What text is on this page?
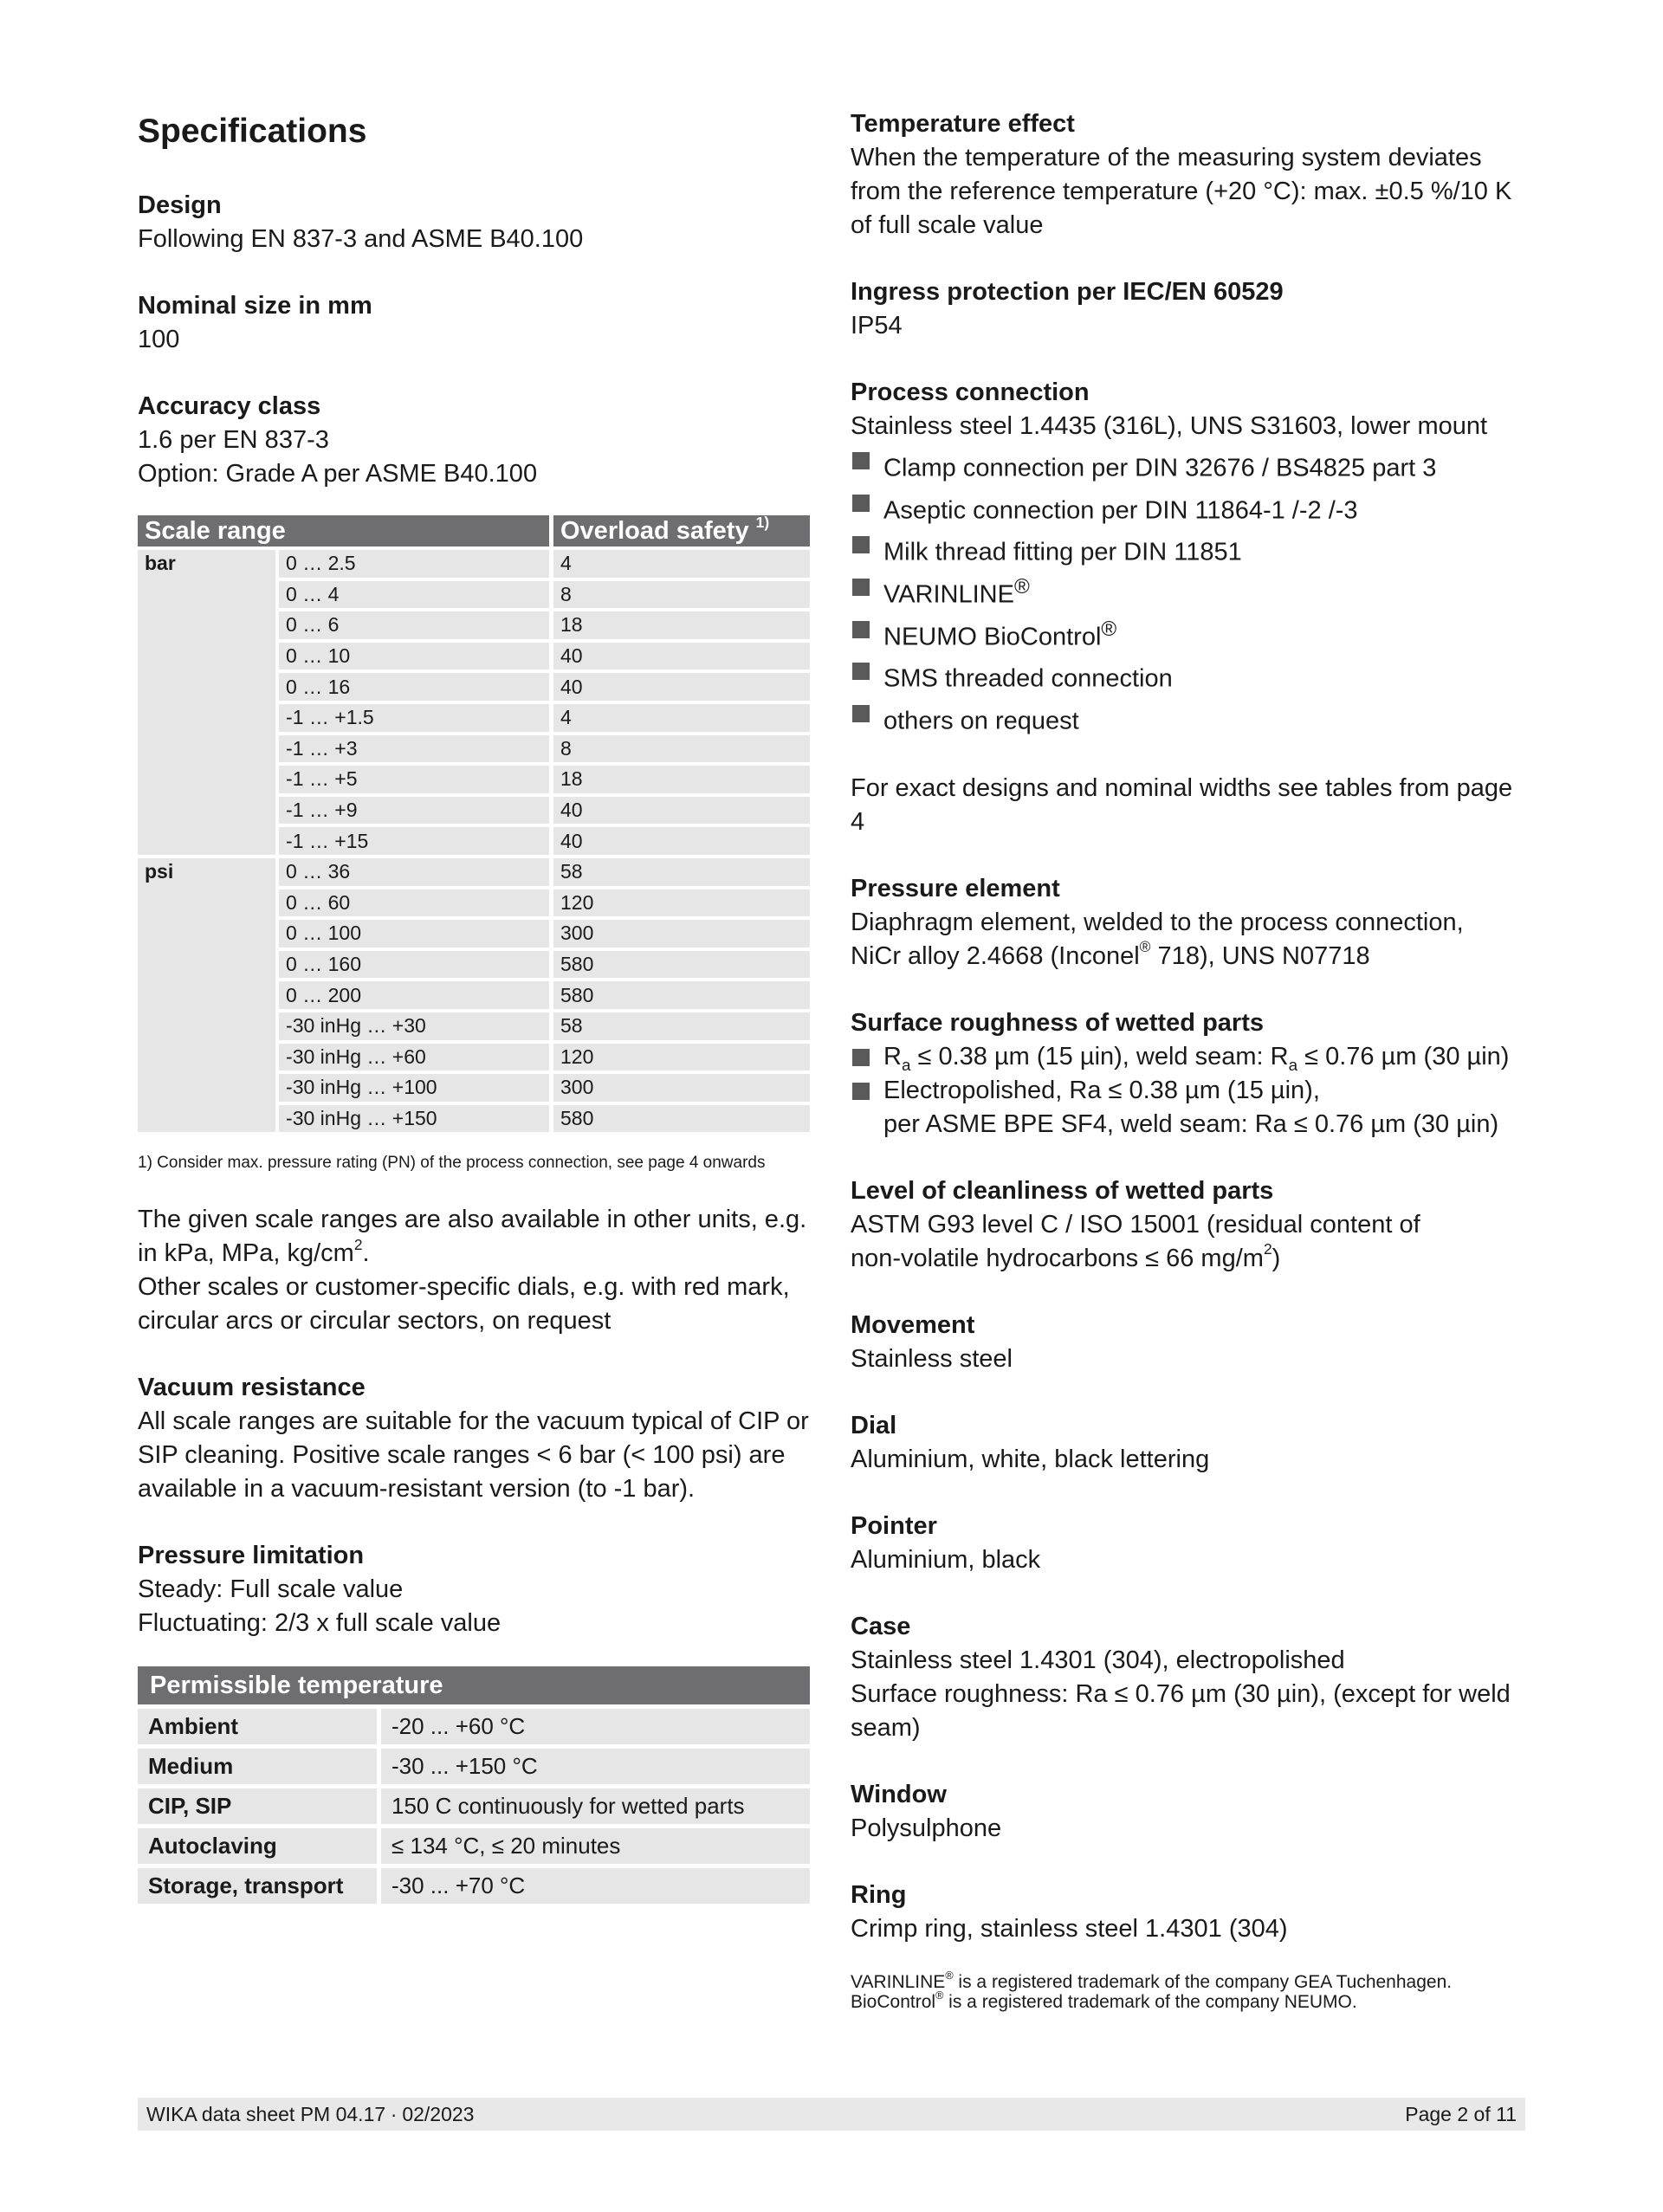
Specifications
Design
Following EN 837-3 and ASME B40.100
Nominal size in mm
100
Accuracy class
1.6 per EN 837-3
Option: Grade A per ASME B40.100
Scale range		Overload safety $^{1)}$
bar	0 … 2.5	4
	0 … 4	8
	0 … 6	18
	0 … 10	40
	0 … 16	40
	-1 … +1.5	4
	-1 … +3	8
	-1 … +5	18
	-1 … +9	40
	-1 … +15	40
psi	0 … 36	58
	0 … 60	120
	0 … 100	300
	0 … 160	580
	0 … 200	580
	-30 inHg … +30	58
	-30 inHg … +60	120
	-30 inHg … +100	300
	-30 inHg … +150	580
1) Consider max. pressure rating (PN) of the process connection, see page 4 onwards
The given scale ranges are also available in other units, e.g.
in kPa, MPa, $kg/cm^2$.
Other scales or customer-specific dials, e.g. with red mark,
circular arcs or circular sectors, on request
Vacuum resistance
All scale ranges are suitable for the vacuum typical of CIP or
SIP cleaning. Positive scale ranges < 6 bar (< 100 psi) are
available in a vacuum-resistant version (to -1 bar).
Pressure limitation
Steady: Full scale value
Fluctuating: 2/3 x full scale value
Permissible temperature	
Ambient	-20 ... +60 °C
Medium	-30 ... +150 °C
CIP, SIP	150 C continuously for wetted parts
Autoclaving	≤ 134 °C, ≤ 20 minutes
Storage, transport	-30 ... +70 °C
Temperature effect
When the temperature of the measuring system deviates
from the reference temperature (+20 °C): max. ±0.5 %/10 K
of full scale value
Ingress protection per IEC/EN 60529
IP54
Process connection
Stainless steel 1.4435 (316L), UNS S31603, lower mount
Clamp connection per DIN 32676 / BS4825 part 3
Aseptic connection per DIN 11864-1 /-2 /-3
Milk thread fitting per DIN 11851
VARINLINE®
NEUMO BioControl®
SMS threaded connection
others on request
For exact designs and nominal widths see tables from page 4
Pressure element
Diaphragm element, welded to the process connection,
NiCr alloy 2.4668 (Inconel® 718), UNS N07718
Surface roughness of wetted parts
$R_a \le 0.38$ µm (15 µin), weld seam: $R_a \le 0.76$ µm (30 µin)
Electropolished, Ra ≤ 0.38 µm (15 µin),
per ASME BPE SF4, weld seam: Ra ≤ 0.76 µm (30 µin)
Level of cleanliness of wetted parts
ASTM G93 level C / ISO 15001 (residual content of
non-volatile hydrocarbons ≤ 66 $mg/m^2$)
Movement
Stainless steel
Dial
Aluminium, white, black lettering
Pointer
Aluminium, black
Case
Stainless steel 1.4301 (304), electropolished
Surface roughness: Ra ≤ 0.76 µm (30 µin), (except for weld
seam)
Window
Polysulphone
Ring
Crimp ring, stainless steel 1.4301 (304)
VARINLINE® is a registered trademark of the company GEA Tuchenhagen.
BioControl® is a registered trademark of the company NEUMO.
WIKA data sheet PM 04.17 ∙ 02/2023	Page 2 of 11
